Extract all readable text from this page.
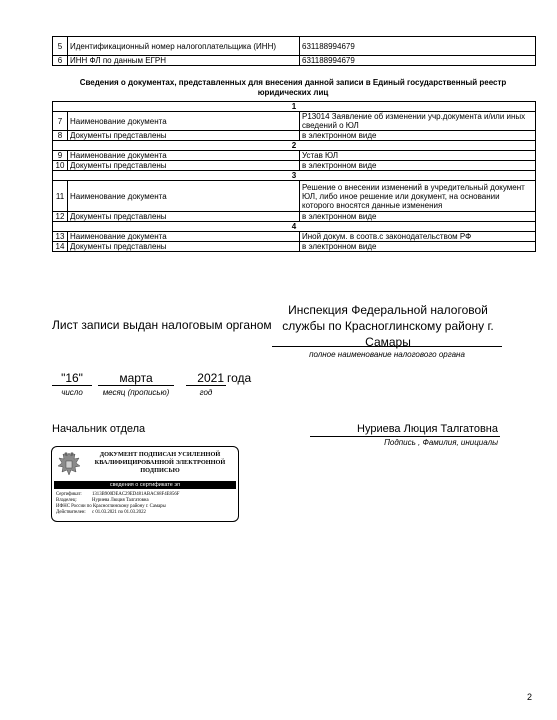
5	Идентификационный номер налогоплательщика (ИНН)	631188994679
6	ИНН ФЛ по данным ЕГРН	631188994679
Сведения о документах, представленных для внесения данной записи в Единый государственный реестр юридических лиц
1		
7	Наименование документа	Р13014 Заявление об изменении учр.документа и/или иных сведений о ЮЛ
8	Документы представлены	в электронном виде
2		
9	Наименование документа	Устав ЮЛ
10	Документы представлены	в электронном виде
3		
11	Наименование документа	Решение о внесении изменений в учредительный документ ЮЛ, либо иное решение или документ, на основании которого вносятся данные изменения
12	Документы представлены	в электронном виде
4		
13	Наименование документа	Иной докум. в соотв.с законодательством РФ
14	Документы представлены	в электронном виде
Лист записи выдан налоговым органом
Инспекция Федеральной налоговой службы по Красноглинскому району г. Самары
полное наименование налогового органа
"16"
число
марта
месяц (прописью)
2021 года
год
Начальник отдела	Нуриева Люция Талгатовна
Подпись , Фамилия, инициалы
ДОКУМЕНТ ПОДПИСАН УСИЛЕННОЙ КВАЛИФИЦИРОВАННОЙ ЭЛЕКТРОННОЙ ПОДПИСЬЮ
сведения о сертификате эп
Сертификат: 1313B900DEAC29ED481ABAC68F4E856F
Владелец:	Нуриева Люция Талгатовна
ИФНС России по Красноглинскому району г. Самары
Действителен: с 01.03.2021 по 01.03.2022
2
